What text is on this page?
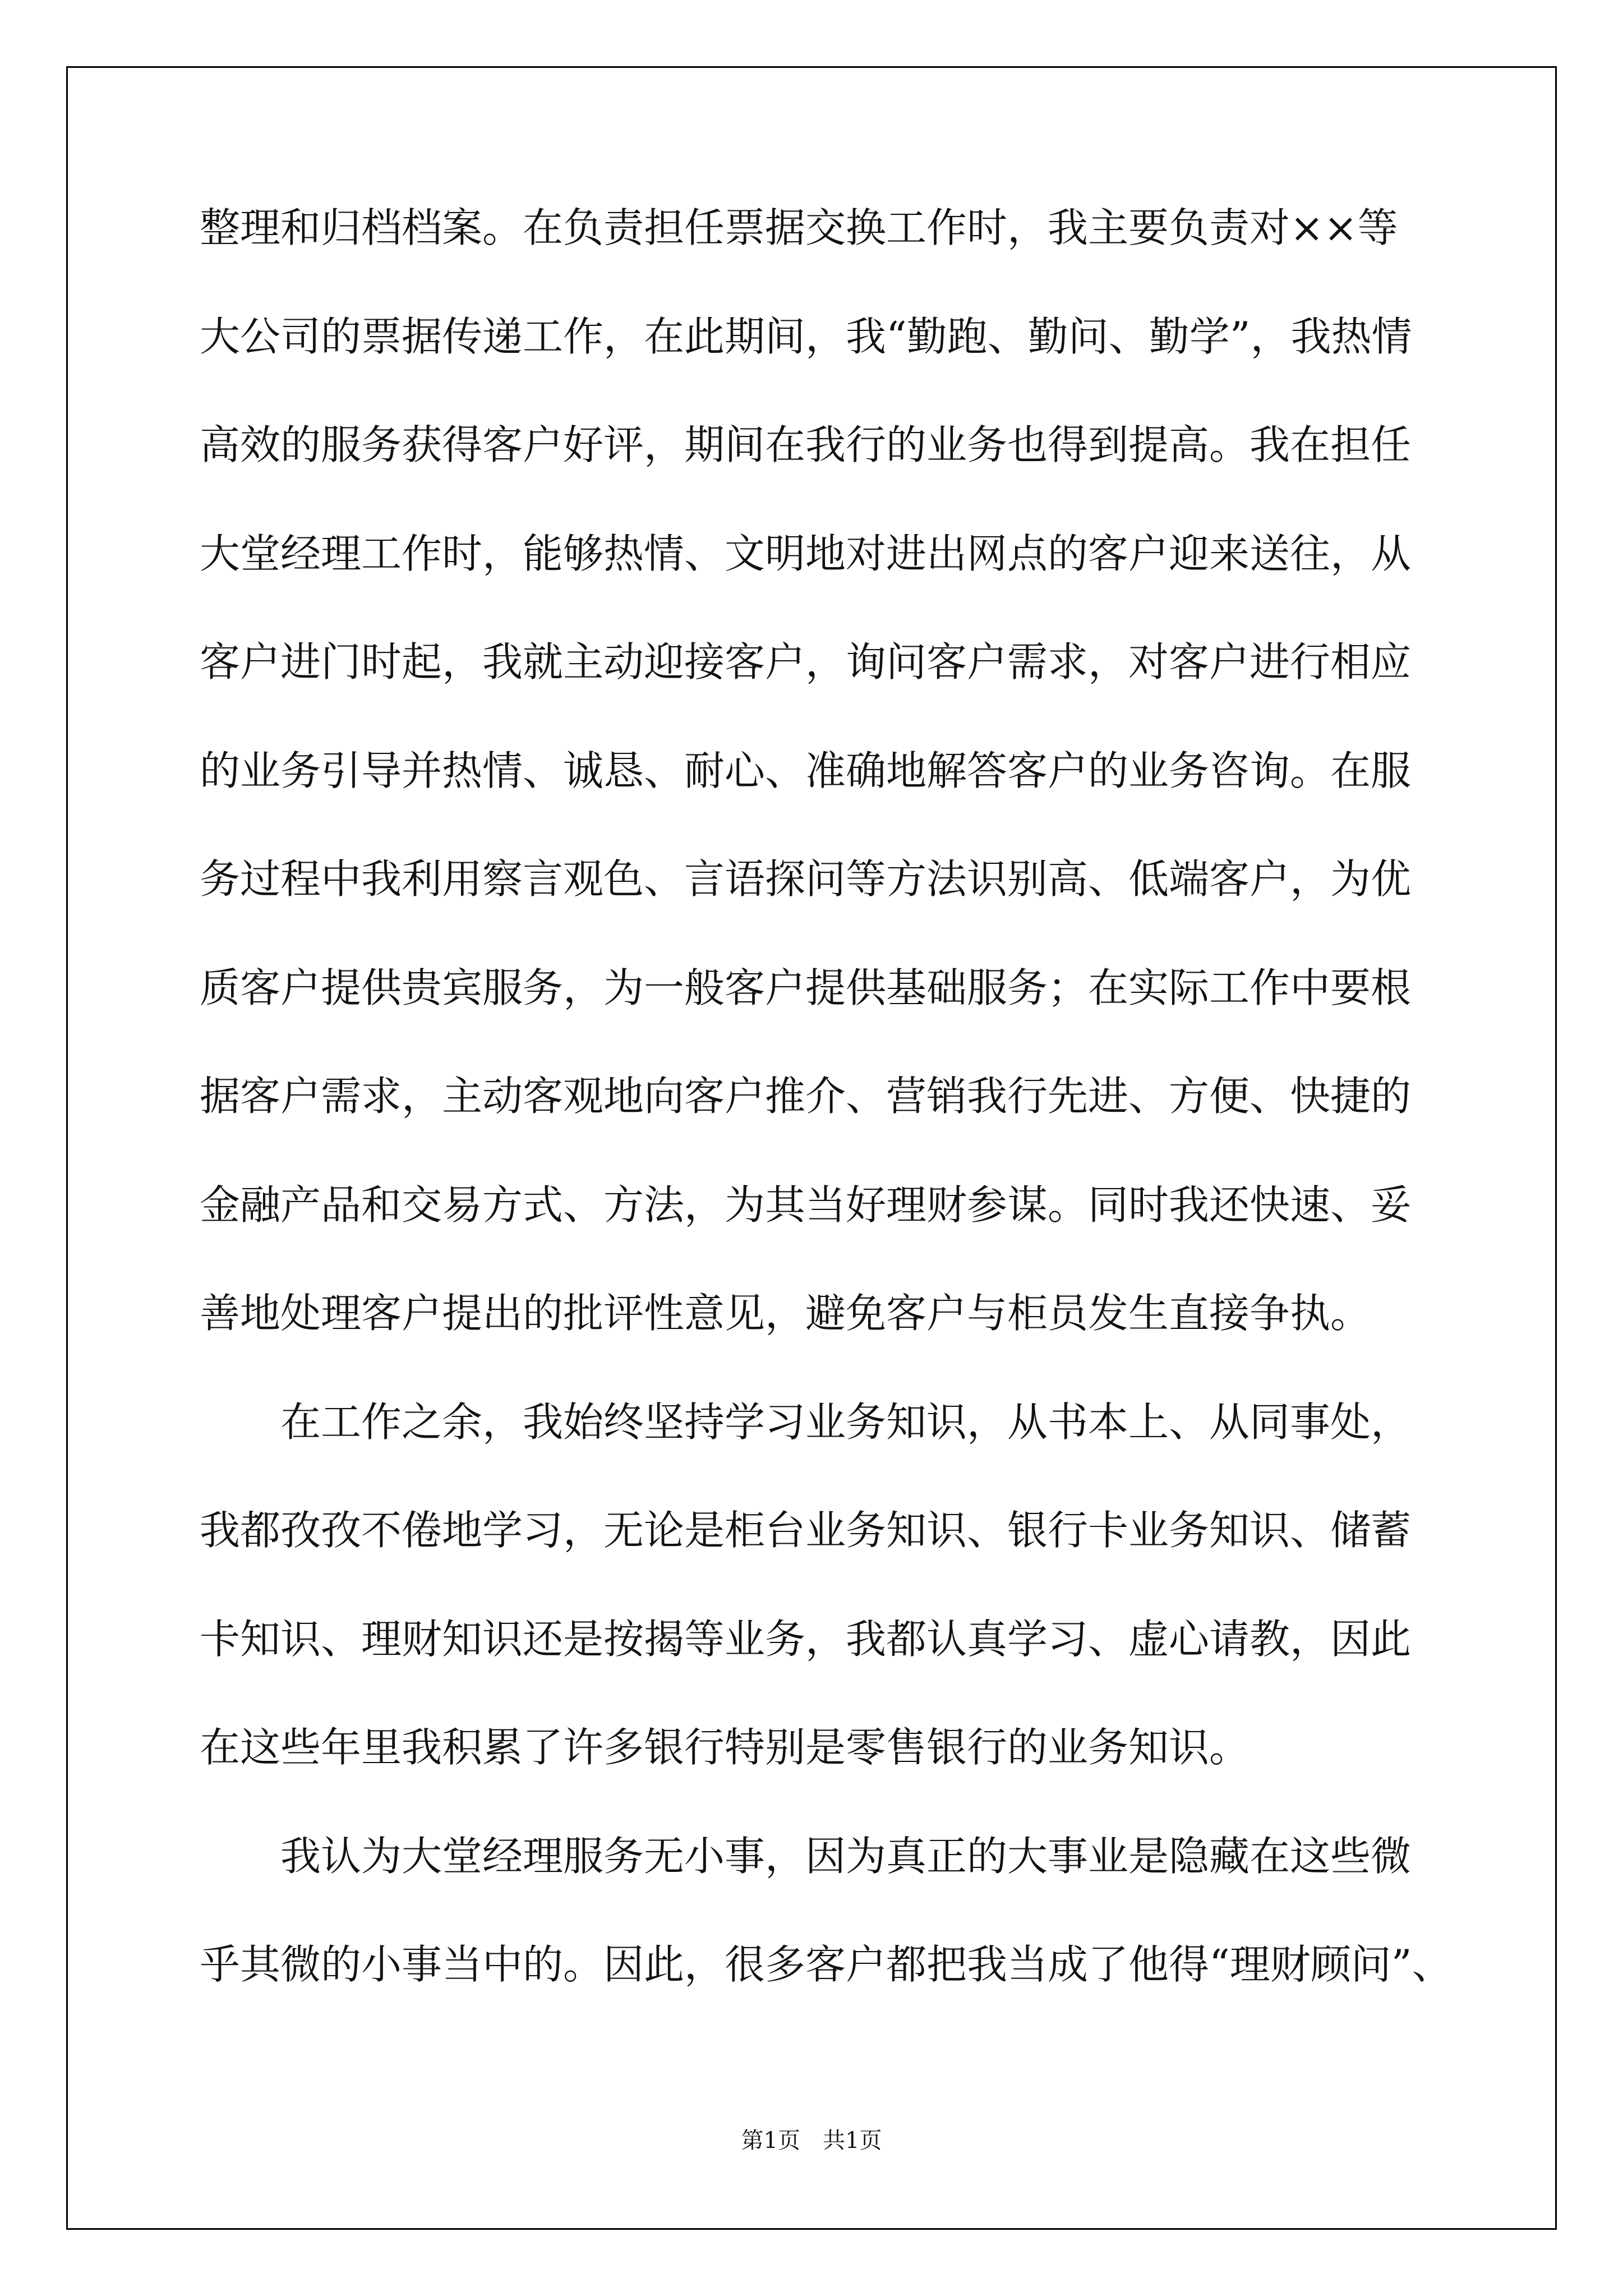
整理和归档档案。在负责担任票据交换工作时，我主要负责对××等
大公司的票据传递工作，在此期间，我“勤跑、勤问、勤学”，我热情
高效的服务获得客户好评，期间在我行的业务也得到提高。我在担任
大堂经理工作时，能够热情、文明地对进出网点的客户迎来送往，从
客户进门时起，我就主动迎接客户，询问客户需求，对客户进行相应
的业务引导并热情、诚恳、耐心、准确地解答客户的业务咨询。在服
务过程中我利用察言观色、言语探问等方法识别高、低端客户，为优
质客户提供贵宾服务，为一般客户提供基础服务；在实际工作中要根
据客户需求，主动客观地向客户推介、营销我行先进、方便、快捷的
金融产品和交易方式、方法，为其当好理财参谋。同时我还快速、妥
善地处理客户提出的批评性意见，避免客户与柜员发生直接争执。
　　在工作之余，我始终坚持学习业务知识，从书本上、从同事处，
我都孜孜不倦地学习，无论是柜台业务知识、银行卡业务知识、储蓄
卡知识、理财知识还是按揭等业务，我都认真学习、虚心请教，因此
在这些年里我积累了许多银行特别是零售银行的业务知识。
　　我认为大堂经理服务无小事，因为真正的大事业是隐藏在这些微
乎其微的小事当中的。因此，很多客户都把我当成了他得“理财顾问”、
第1页　共1页
